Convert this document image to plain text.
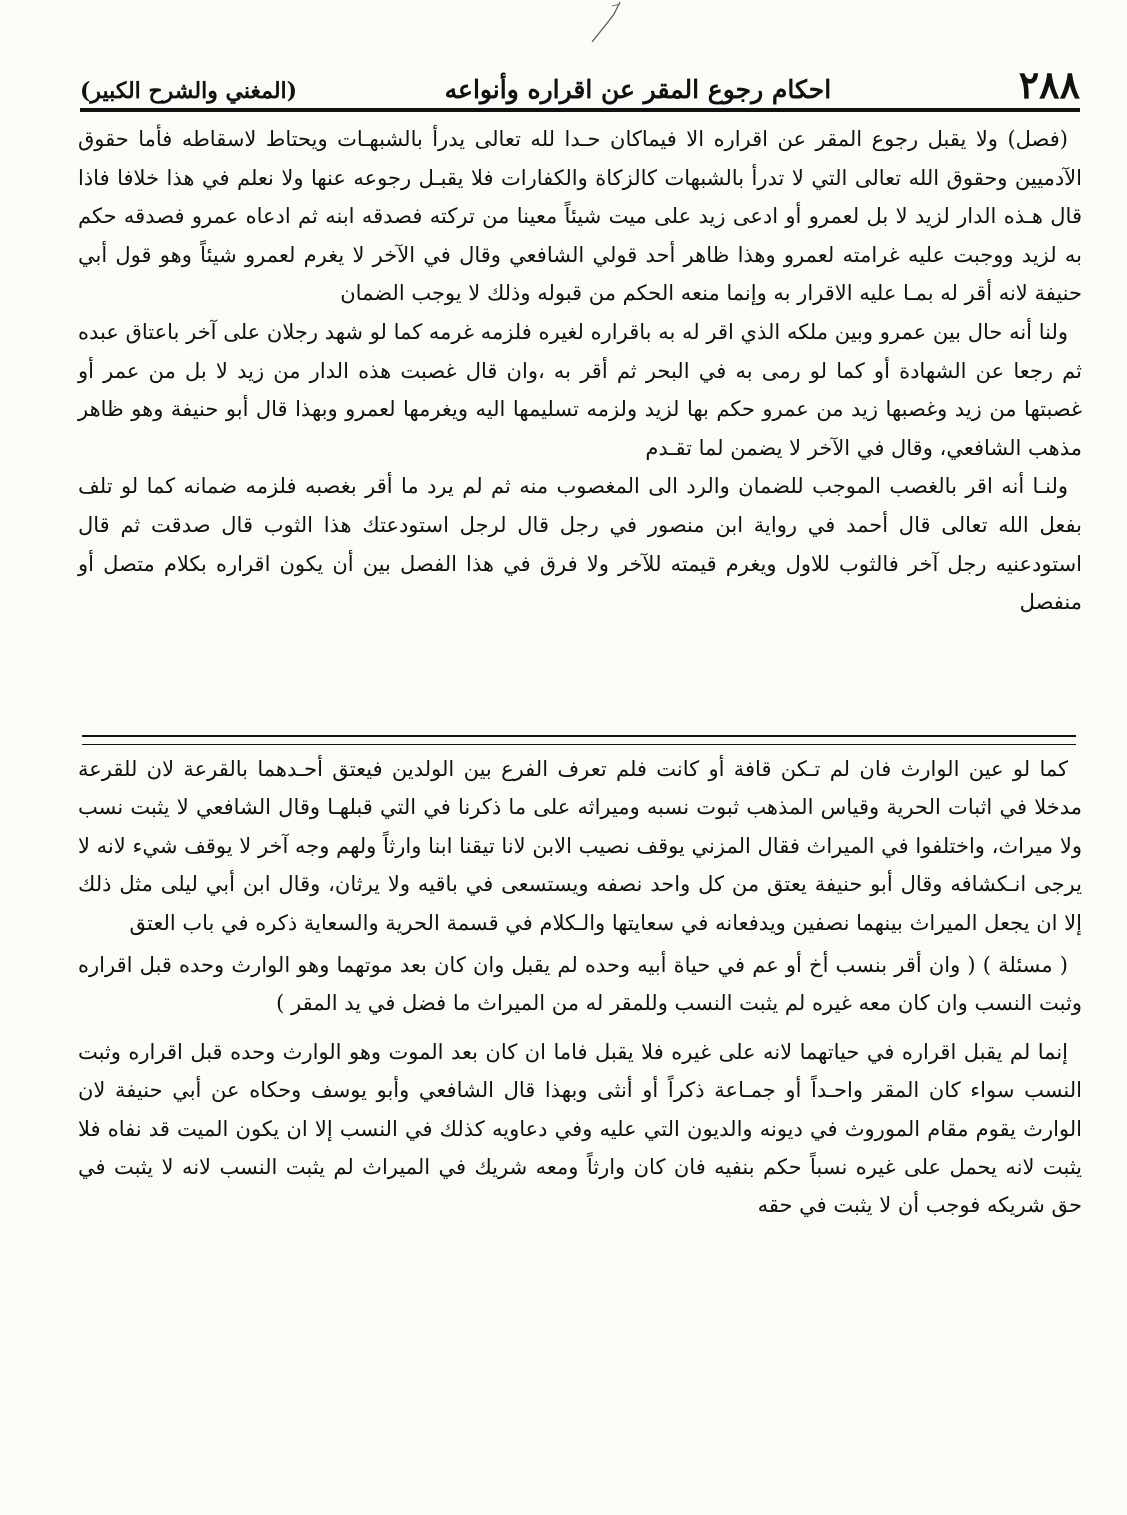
٢٨٨
احكام رجوع المقر عن اقراره وأنواعه
(المغني والشرح الكبير)

(فصل) ولا يقبل رجوع المقر عن اقراره الا فيماكان حـدا لله تعالى يدرأ بالشبهـات ويحتاط لاسقاطه فأما حقوق الآدميين وحقوق الله تعالى التي لا تدرأ بالشبهات كالزكاة والكفارات فلا يقبـل رجوعه عنها ولا نعلم في هذا خلافا فاذا قال هـذه الدار لزيد لا بل لعمرو أو ادعى زيد على ميت شيئاً معينا من تركته فصدقه ابنه ثم ادعاه عمرو فصدقه حكم به لزيد ووجبت عليه غرامته لعمرو وهذا ظاهر أحد قولي الشافعي وقال في الآخر لا يغرم لعمرو شيئاً وهو قول أبي حنيفة لانه أقر له بمـا عليه الاقرار به وإنما منعه الحكم من قبوله وذلك لا يوجب الضمان

ولنا أنه حال بين عمرو وبين ملكه الذي اقر له به باقراره لغيره فلزمه غرمه كما لو شهد رجلان على آخر باعتاق عبده ثم رجعا عن الشهادة أو كما لو رمى به في البحر ثم أقر به ،وان قال غصبت هذه الدار من زيد لا بل من عمر أو غصبتها من زيد وغصبها زيد من عمرو حكم بها لزيد ولزمه تسليمها اليه ويغرمها لعمرو وبهذا قال أبو حنيفة وهو ظاهر مذهب الشافعي، وقال في الآخر لا يضمن لما تقـدم

ولنـا أنه اقر بالغصب الموجب للضمان والرد الى المغصوب منه ثم لم يرد ما أقر بغصبه فلزمه ضمانه كما لو تلف بفعل الله تعالى قال أحمد في رواية ابن منصور في رجل قال لرجل استودعتك هذا الثوب قال صدقت ثم قال استودعنيه رجل آخر فالثوب للاول ويغرم قيمته للآخر ولا فرق في هذا الفصل بين أن يكون اقراره بكلام متصل أو منفصل

كما لو عين الوارث فان لم تـكن قافة أو كانت فلم تعرف الفرع بين الولدين فيعتق أحـدهما بالقرعة لان للقرعة مدخلا في اثبات الحرية وقياس المذهب ثبوت نسبه وميراثه على ما ذكرنا في التي قبلهـا وقال الشافعي لا يثبت نسب ولا ميراث، واختلفوا في الميراث فقال المزني يوقف نصيب الابن لانا تيقنا ابنا وارثاً ولهم وجه آخر لا يوقف شيء لانه لا يرجى انـكشافه وقال أبو حنيفة يعتق من كل واحد نصفه ويستسعى في باقيه ولا يرثان، وقال ابن أبي ليلى مثل ذلك إلا ان يجعل الميراث بينهما نصفين ويدفعانه في سعايتها والـكلام في قسمة الحرية والسعاية ذكره في باب العتق

( مسئلة ) ( وان أقر بنسب أخ أو عم في حياة أبيه وحده لم يقبل وان كان بعد موتهما وهو الوارث وحده قبل اقراره وثبت النسب وان كان معه غيره لم يثبت النسب وللمقر له من الميراث ما فضل في يد المقر )

إنما لم يقبل اقراره في حياتهما لانه على غيره فلا يقبل فاما ان كان بعد الموت وهو الوارث وحده قبل اقراره وثبت النسب سواء كان المقر واحـداً أو جمـاعة ذكراً أو أنثى وبهذا قال الشافعي وأبو يوسف وحكاه عن أبي حنيفة لان الوارث يقوم مقام الموروث في ديونه والديون التي عليه وفي دعاويه كذلك في النسب إلا ان يكون الميت قد نفاه فلا يثبت لانه يحمل على غيره نسباً حكم بنفيه فان كان وارثاً ومعه شريك في الميراث لم يثبت النسب لانه لا يثبت في حق شريكه فوجب أن لا يثبت في حقه
